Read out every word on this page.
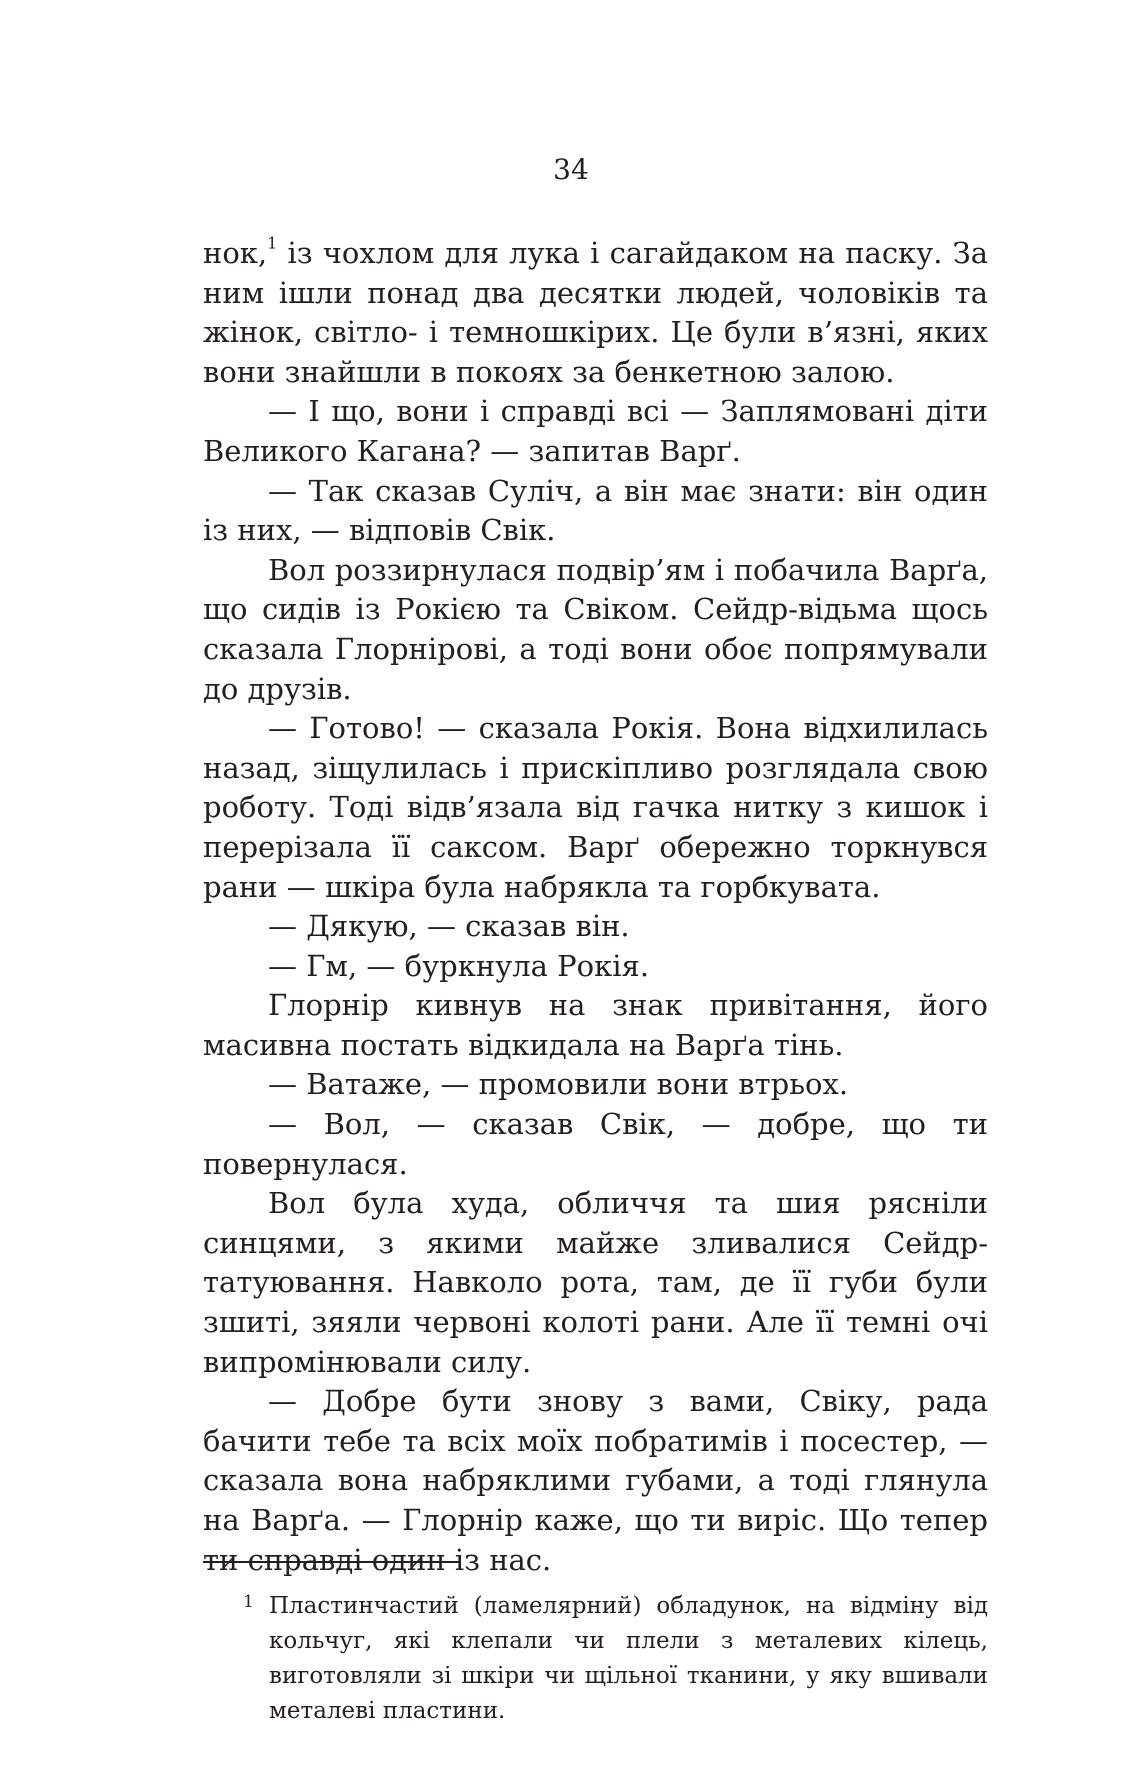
34

нок,$^1$ із чохлом для лука і сагайдаком на паску. За ним ішли понад два десятки людей, чоловіків та жінок, світло- і темношкірих. Це були в’язні, яких вони знайшли в покоях за бенкетною залою.

— І що, вони і справді всі — Заплямовані діти Великого Кагана? — запитав Варґ.

— Так сказав Суліч, а він має знати: він один із них, — відповів Свік.

Вол роззирнулася подвір’ям і побачила Варґа, що сидів із Рокією та Свіком. Сейдр-відьма щось сказала Глорнірові, а тоді вони обоє попрямували до друзів.

— Готово! — сказала Рокія. Вона відхилилась назад, зіщулилась і прискіпливо розглядала свою роботу. Тоді відв’язала від гачка нитку з кишок і перерізала її саксом. Варґ обережно торкнувся рани — шкіра була набрякла та горбкувата.

— Дякую, — сказав він.

— Гм, — буркнула Рокія.

Глорнір кивнув на знак привітання, його масивна постать відкидала на Варґа тінь.

— Ватаже, — промовили вони втрьох.

— Вол, — сказав Свік, — добре, що ти повернулася.

Вол була худа, обличчя та шия рясніли синцями, з якими майже зливалися Сейдр-татуювання. Навколо рота, там, де її губи були зшиті, зяяли червоні колоті рани. Але її темні очі випромінювали силу.

— Добре бути знову з вами, Свіку, рада бачити тебе та всіх моїх побратимів і посестер, — сказала вона набряклими губами, а тоді глянула на Варґа. — Глорнір каже, що ти виріс. Що тепер ти справді один із нас.

1 Пластинчастий (ламелярний) обладунок, на відміну від кольчуг, які клепали чи плели з металевих кілець, виготовляли зі шкіри чи щільної тканини, у яку вшивали металеві пластини.
